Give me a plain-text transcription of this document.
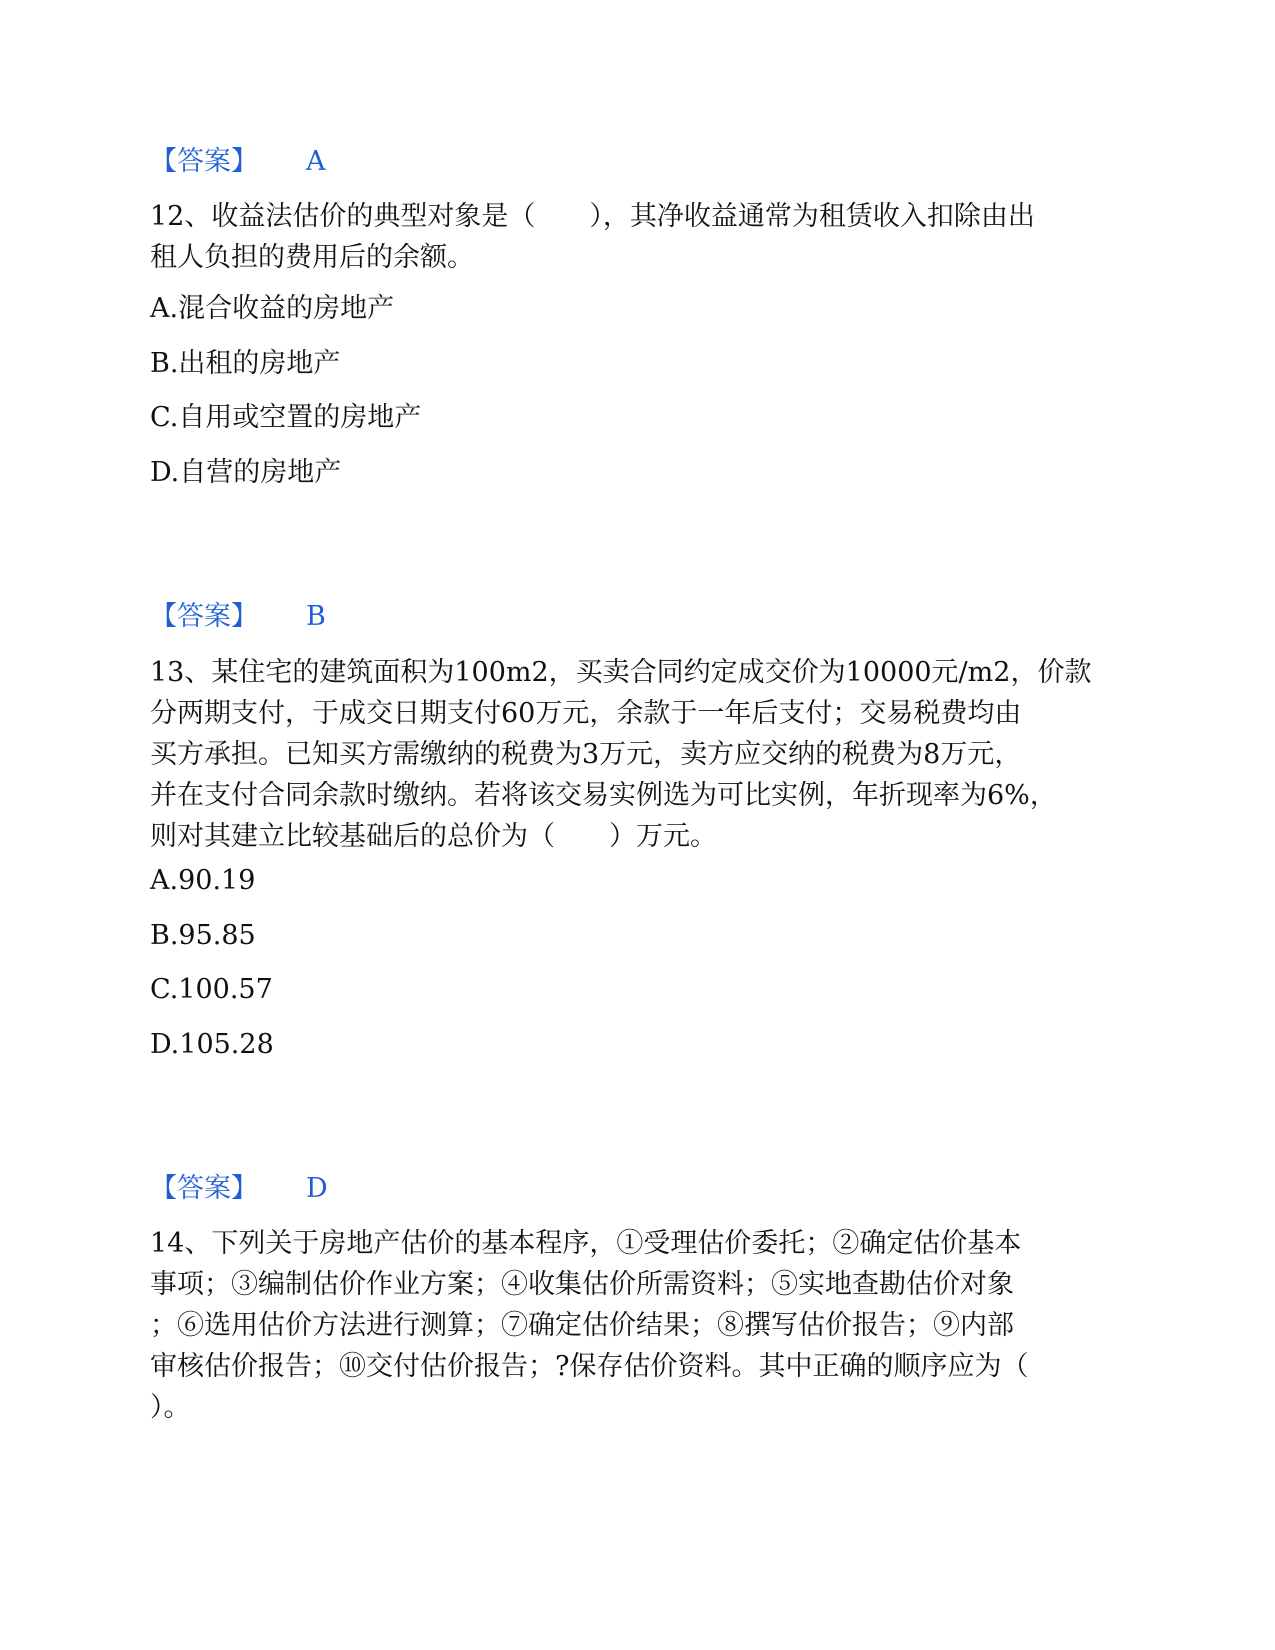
【答案】 A
12、收益法估价的典型对象是（　　），其净收益通常为租赁收入扣除由出
租人负担的费用后的余额。
A.混合收益的房地产
B.出租的房地产
C.自用或空置的房地产
D.自营的房地产
【答案】 B
13、某住宅的建筑面积为100m2，买卖合同约定成交价为10000元/m2，价款
分两期支付，于成交日期支付60万元，余款于一年后支付；交易税费均由
买方承担。已知买方需缴纳的税费为3万元，卖方应交纳的税费为8万元，
并在支付合同余款时缴纳。若将该交易实例选为可比实例，年折现率为6%，
则对其建立比较基础后的总价为（　　）万元。
A.90.19
B.95.85
C.100.57
D.105.28
【答案】 D
14、下列关于房地产估价的基本程序，①受理估价委托；②确定估价基本
事项；③编制估价作业方案；④收集估价所需资料；⑤实地查勘估价对象
；⑥选用估价方法进行测算；⑦确定估价结果；⑧撰写估价报告；⑨内部
审核估价报告；⑩交付估价报告；?保存估价资料。其中正确的顺序应为（
）。
